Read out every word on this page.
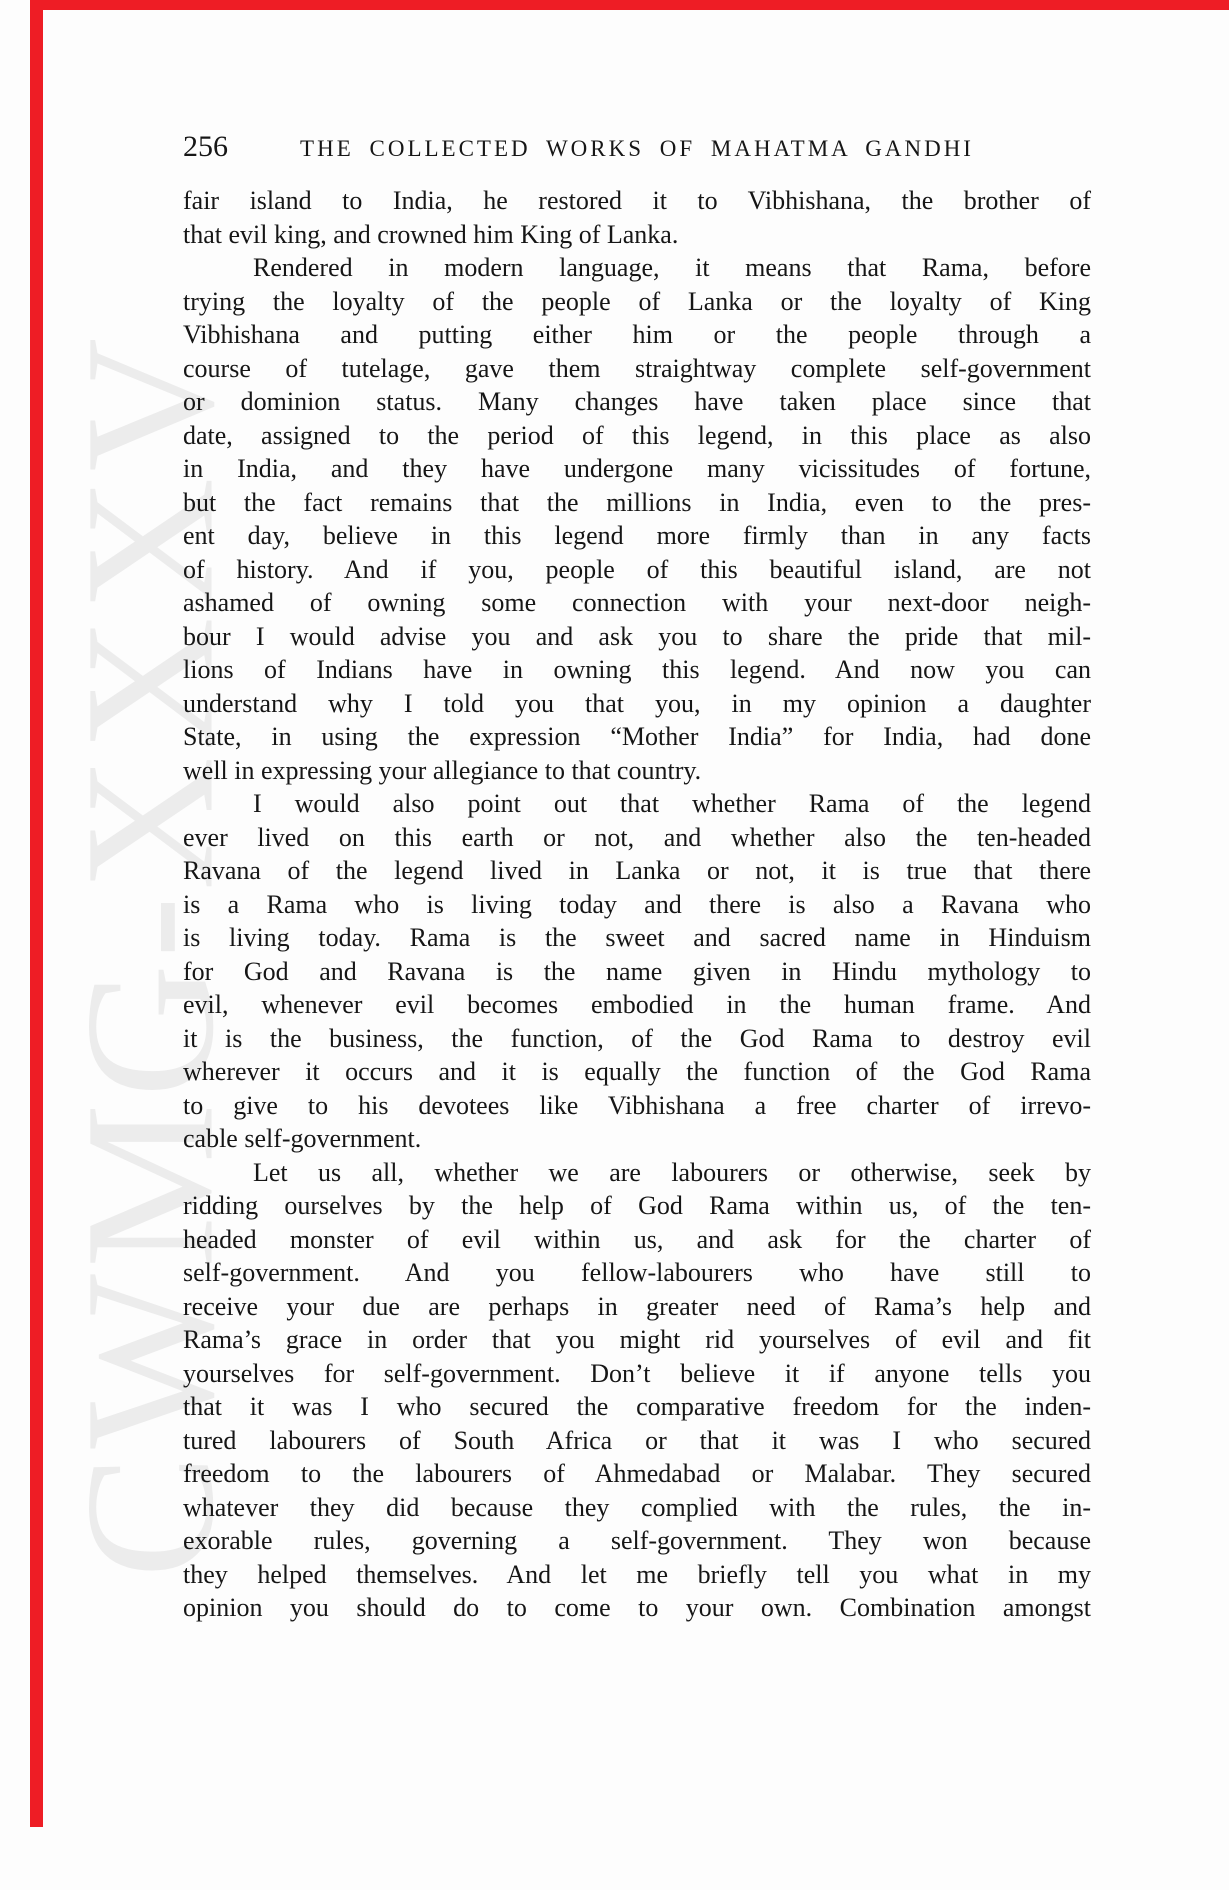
CWMG-XXXV
256	THE COLLECTED WORKS OF MAHATMA GANDHI
fair island to India, he restored it to Vibhishana, the brother of
that evil king, and crowned him King of Lanka.
Rendered in modern language, it means that Rama, before
trying the loyalty of the people of Lanka or the loyalty of King
Vibhishana and putting either him or the people through a
course of tutelage, gave them straightway complete self-government
or dominion status. Many changes have taken place since that
date, assigned to the period of this legend, in this place as also
in India, and they have undergone many vicissitudes of fortune,
but the fact remains that the millions in India, even to the pres-
ent day, believe in this legend more firmly than in any facts
of history. And if you, people of this beautiful island, are not
ashamed of owning some connection with your next-door neigh-
bour I would advise you and ask you to share the pride that mil-
lions of Indians have in owning this legend. And now you can
understand why I told you that you, in my opinion a daughter
State, in using the expression “Mother India” for India, had done
well in expressing your allegiance to that country.
I would also point out that whether Rama of the legend
ever lived on this earth or not, and whether also the ten-headed
Ravana of the legend lived in Lanka or not, it is true that there
is a Rama who is living today and there is also a Ravana who
is living today. Rama is the sweet and sacred name in Hinduism
for God and Ravana is the name given in Hindu mythology to
evil, whenever evil becomes embodied in the human frame. And
it is the business, the function, of the God Rama to destroy evil
wherever it occurs and it is equally the function of the God Rama
to give to his devotees like Vibhishana a free charter of irrevo-
cable self-government.
Let us all, whether we are labourers or otherwise, seek by
ridding ourselves by the help of God Rama within us, of the ten-
headed monster of evil within us, and ask for the charter of
self-government. And you fellow-labourers who have still to
receive your due are perhaps in greater need of Rama’s help and
Rama’s grace in order that you might rid yourselves of evil and fit
yourselves for self-government. Don’t believe it if anyone tells you
that it was I who secured the comparative freedom for the inden-
tured labourers of South Africa or that it was I who secured
freedom to the labourers of Ahmedabad or Malabar. They secured
whatever they did because they complied with the rules, the in-
exorable rules, governing a self-government. They won because
they helped themselves. And let me briefly tell you what in my
opinion you should do to come to your own. Combination amongst
